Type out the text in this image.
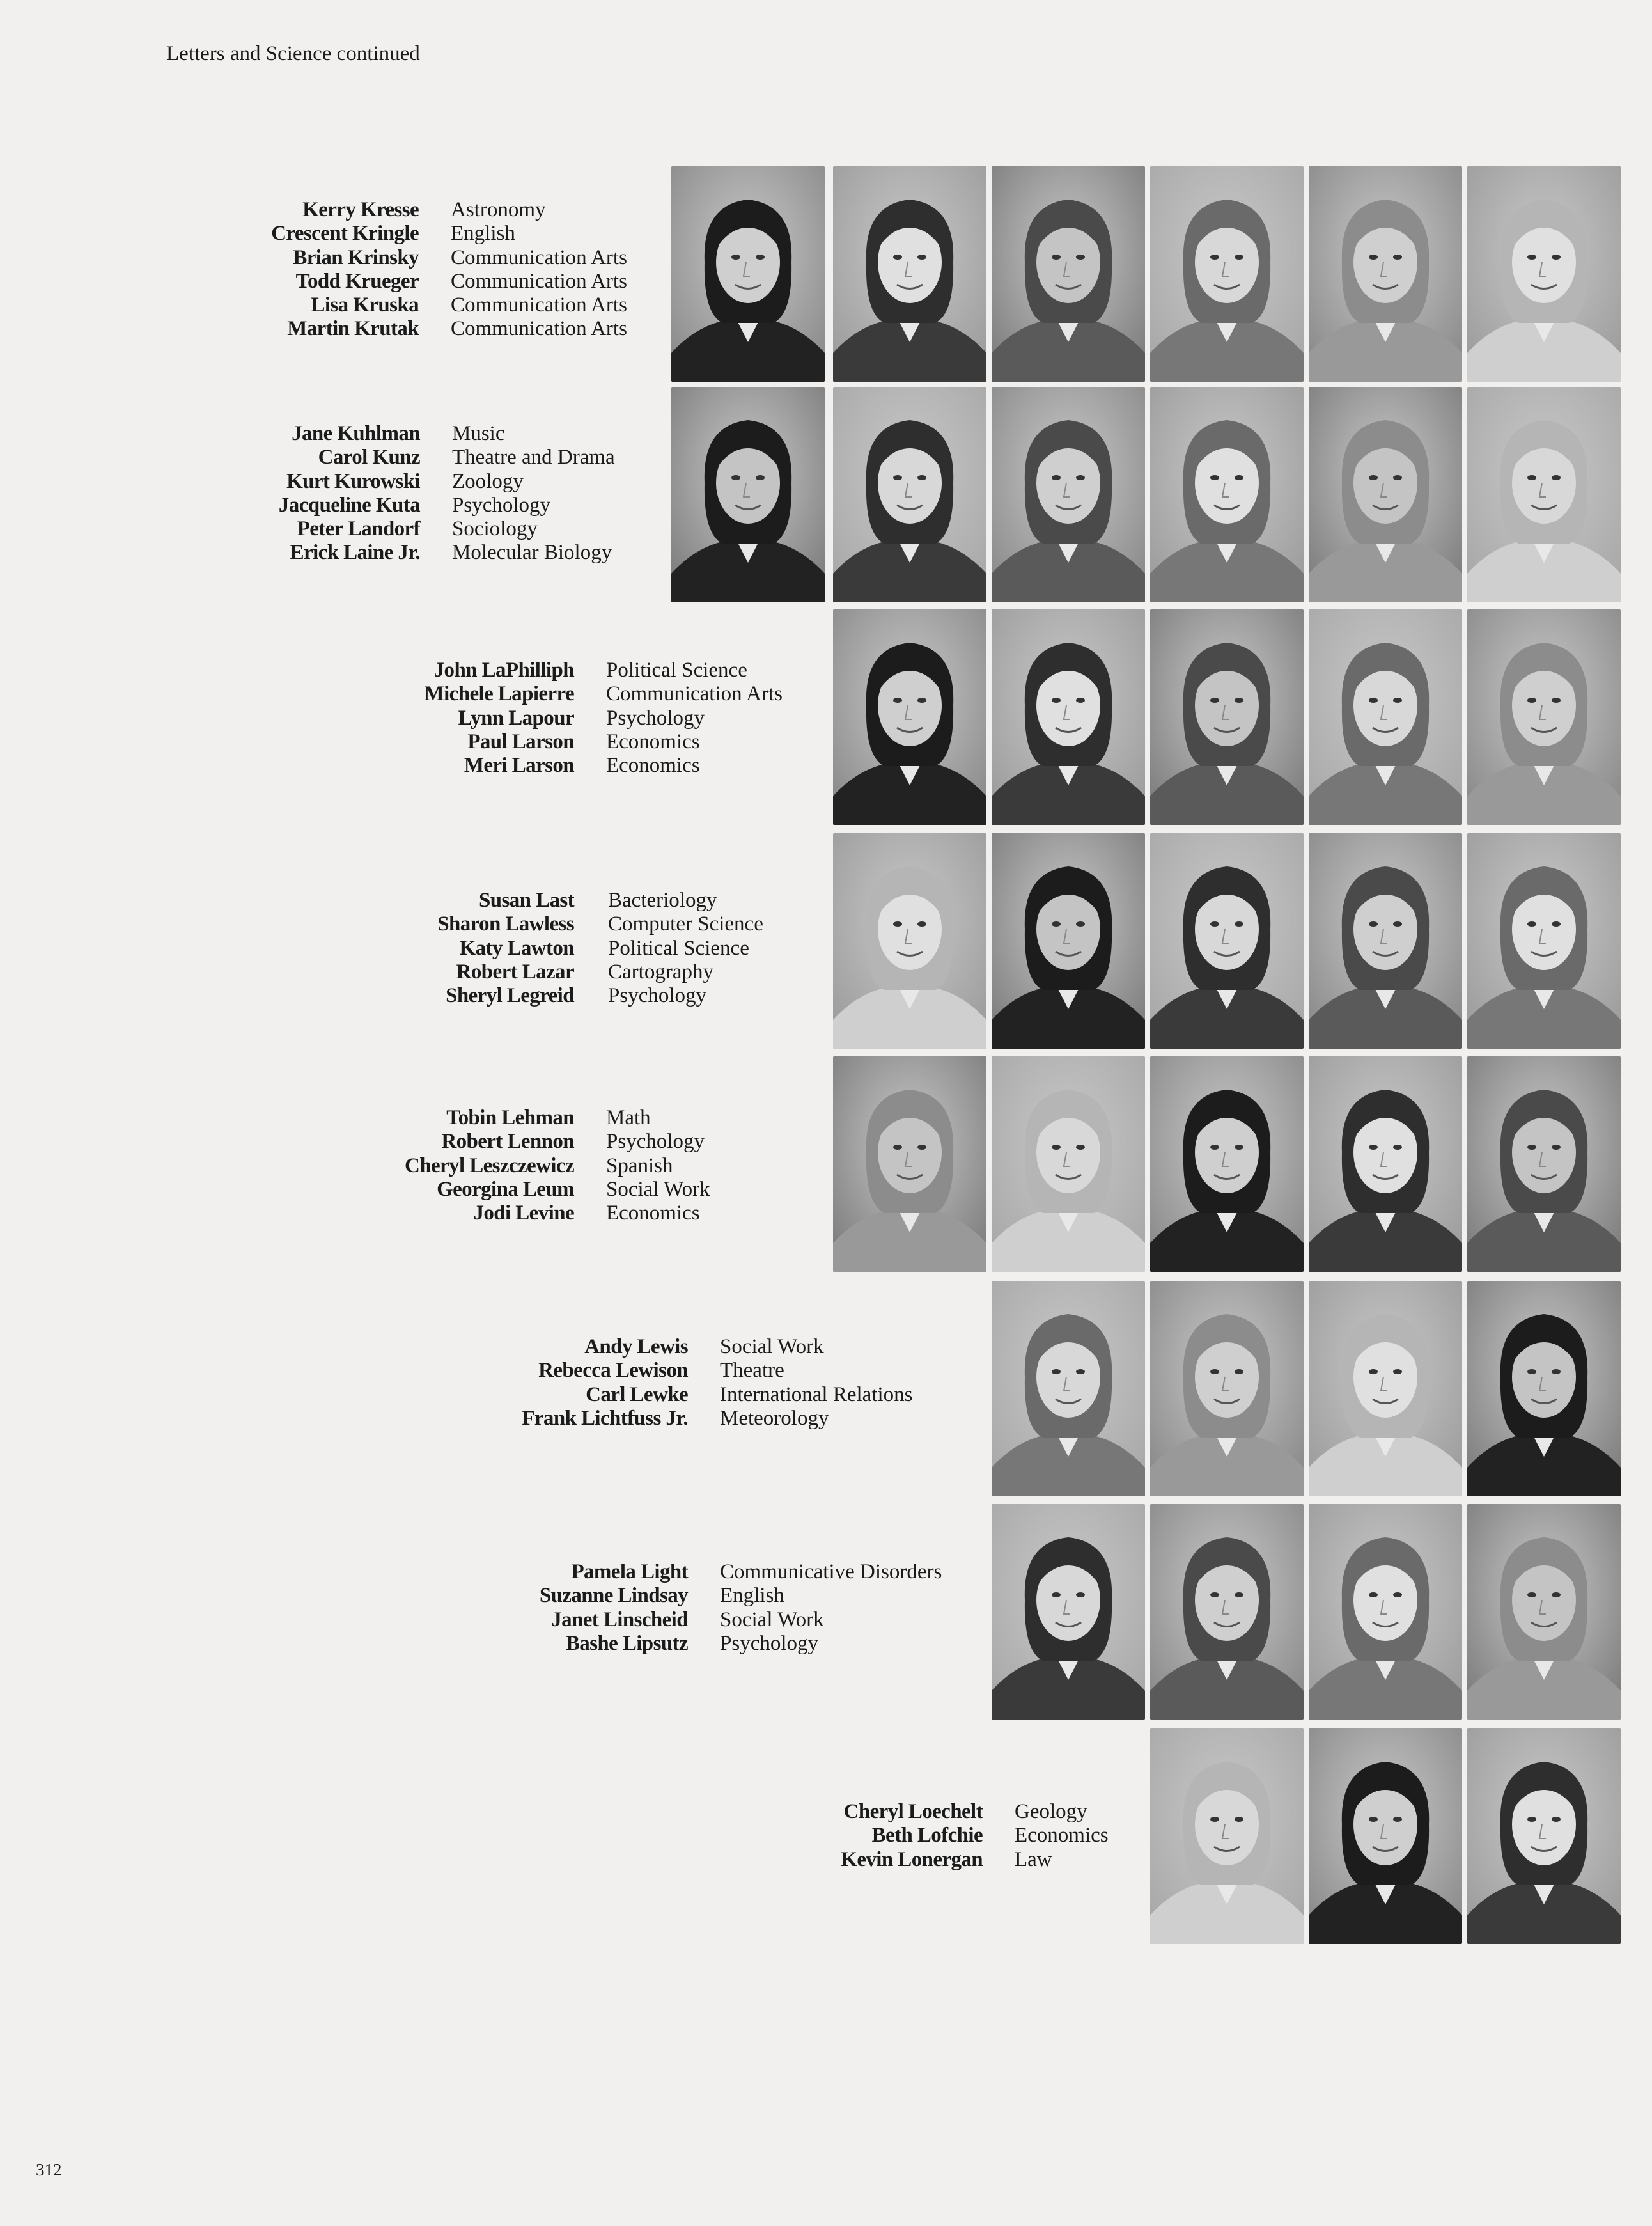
Letters and Science continued
Kerry Kresse
Crescent Kringle
Brian Krinsky
Todd Krueger
Lisa Kruska
Martin Krutak
Astronomy
English
Communication Arts
Communication Arts
Communication Arts
Communication Arts
Jane Kuhlman
Carol Kunz
Kurt Kurowski
Jacqueline Kuta
Peter Landorf
Erick Laine Jr.
Music
Theatre and Drama
Zoology
Psychology
Sociology
Molecular Biology
John LaPhilliph
Michele Lapierre
Lynn Lapour
Paul Larson
Meri Larson
Political Science
Communication Arts
Psychology
Economics
Economics
Susan Last
Sharon Lawless
Katy Lawton
Robert Lazar
Sheryl Legreid
Bacteriology
Computer Science
Political Science
Cartography
Psychology
Tobin Lehman
Robert Lennon
Cheryl Leszczewicz
Georgina Leum
Jodi Levine
Math
Psychology
Spanish
Social Work
Economics
Andy Lewis
Rebecca Lewison
Carl Lewke
Frank Lichtfuss Jr.
Social Work
Theatre
International Relations
Meteorology
Pamela Light
Suzanne Lindsay
Janet Linscheid
Bashe Lipsutz
Communicative Disorders
English
Social Work
Psychology
Cheryl Loechelt
Beth Lofchie
Kevin Lonergan
Geology
Economics
Law
312
